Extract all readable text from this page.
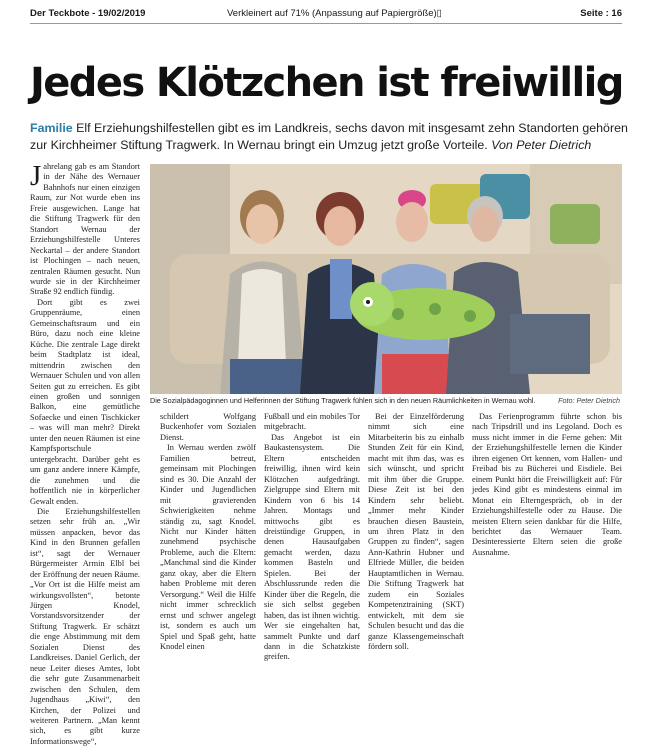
Der Teckbote - 19/02/2019	Verkleinert auf 71% (Anpassung auf Papiergröße)▯	Seite : 16
Jedes Klötzchen ist freiwillig
Familie Elf Erziehungshilfestellen gibt es im Landkreis, sechs davon mit insgesamt zehn Standorten gehören zur Kirchheimer Stiftung Tragwerk. In Wernau bringt ein Umzug jetzt große Vorteile. Von Peter Dietrich
J ahrelang gab es am Standort in der Nähe des Wernauer Bahnhofs nur einen einzigen Raum, zur Not wurde eben ins Freie ausgewichen. Lange hat die Stiftung Tragwerk für den Standort Wernau der Erziehungshilfestelle Unteres Neckartal – der andere Standort ist Plochingen – nach neuen, zentralen Räumen gesucht. Nun wurde sie in der Kirchheimer Straße 92 endlich fündig.

Dort gibt es zwei Gruppenräume, einen Gemeinschaftsraum und ein Büro, dazu noch eine kleine Küche. Die zentrale Lage direkt beim Stadtplatz ist ideal, mittendrin zwischen den Wernauer Schulen und von allen Seiten gut zu erreichen. Es gibt einen großen und sonnigen Balkon, eine gemütliche Sofaecke und einen Tischkicker – was will man mehr? Direkt unter den neuen Räumen ist eine Kampfsportschule untergebracht. Darüber geht es um ganz andere innere Kämpfe, die zunehmen und die hoffentlich nie in körperlicher Gewalt enden.

Die Erziehungshilfestellen setzen sehr früh an. „Wir müssen anpacken, bevor das Kind in den Brunnen gefallen ist“, sagt der Wernauer Bürgermeister Armin Elbl bei der Eröffnung der neuen Räume. „Vor Ort ist die Hilfe meist am wirkungsvollsten“, betonte Jürgen Knodel, Vorstandsvorsitzender der Stiftung Tragwerk. Er schätzt die enge Abstimmung mit dem Sozialen Dienst des Landkreises. Daniel Gerlich, der neue Leiter dieses Amtes, lobt die sehr gute Zusammenarbeit zwischen den Schulen, dem Jugendhaus „Kiwi“, den Kirchen, der Polizei und weiteren Partnern. „Man kennt sich, es gibt kurze Informationswege“,

Die Sozialpädagoginnen und Helferinnen der Stiftung Tragwerk fühlen sich in den neuen Räumlichkeiten in Wernau wohl.	Foto: Peter Dietrich

schildert Wolfgang Buckenhofer vom Sozialen Dienst.

In Wernau werden zwölf Familien betreut, gemeinsam mit Plochingen sind es 30. Die Anzahl der Kinder und Jugendlichen mit gravierenden Schwierigkeiten nehme ständig zu, sagt Knodel. Nicht nur Kinder hätten zunehmend psychische Probleme, auch die Eltern: „Manchmal sind die Kinder ganz okay, aber die Eltern haben Probleme mit deren Versorgung.“ Weil die Hilfe nicht immer schrecklich ernst und schwer angelegt ist, sondern es auch um Spiel und Spaß geht, hatte Knodel einen

Fußball und ein mobiles Tor mitgebracht.

Das Angebot ist ein Baukastensystem. Die Eltern entscheiden freiwillig, ihnen wird kein Klötzchen aufgedrängt. Zielgruppe sind Eltern mit Kindern von 6 bis 14 Jahren. Montags und mittwochs gibt es dreistündige Gruppen, in denen Hausaufgaben gemacht werden, dazu kommen Basteln und Spielen. Bei der Abschlussrunde reden die Kinder über die Regeln, die sie sich selbst gegeben haben, das ist ihnen wichtig. Wer sie eingehalten hat, sammelt Punkte und darf dann in die Schatzkiste greifen.

Bei der Einzelförderung nimmt sich eine Mitarbeiterin bis zu einhalb Stunden Zeit für ein Kind, macht mit ihm das, was es sich wünscht, und spricht mit ihm über die Gruppe. Diese Zeit ist bei den Kindern sehr beliebt. „Immer mehr Kinder brauchen diesen Baustein, um ihren Platz in den Gruppen zu finden“, sagen Ann-Kathrin Hubner und Elfriede Müller, die beiden Hauptamtlichen in Wernau. Die Stiftung Tragwerk hat zudem ein Soziales Kompetenztraining (SKT) entwickelt, mit dem sie Schulen besucht und das die ganze Klassengemeinschaft fördern soll.

Das Ferienprogramm führte schon bis nach Tripsdrill und ins Legoland. Doch es muss nicht immer in die Ferne gehen: Mit der Erziehungshilfestelle lernen die Kinder ihren eigenen Ort kennen, vom Hallen- und Freibad bis zu Bücherei und Eisdiele. Bei einem Punkt hört die Freiwilligkeit auf: Für jedes Kind gibt es mindestens einmal im Monat ein Elterngespräch, ob in der Erziehungshilfestelle oder zu Hause. Die meisten Eltern seien dankbar für die Hilfe, berichtet das Wernauer Team. Desinteressierte Eltern seien die große Ausnahme.
